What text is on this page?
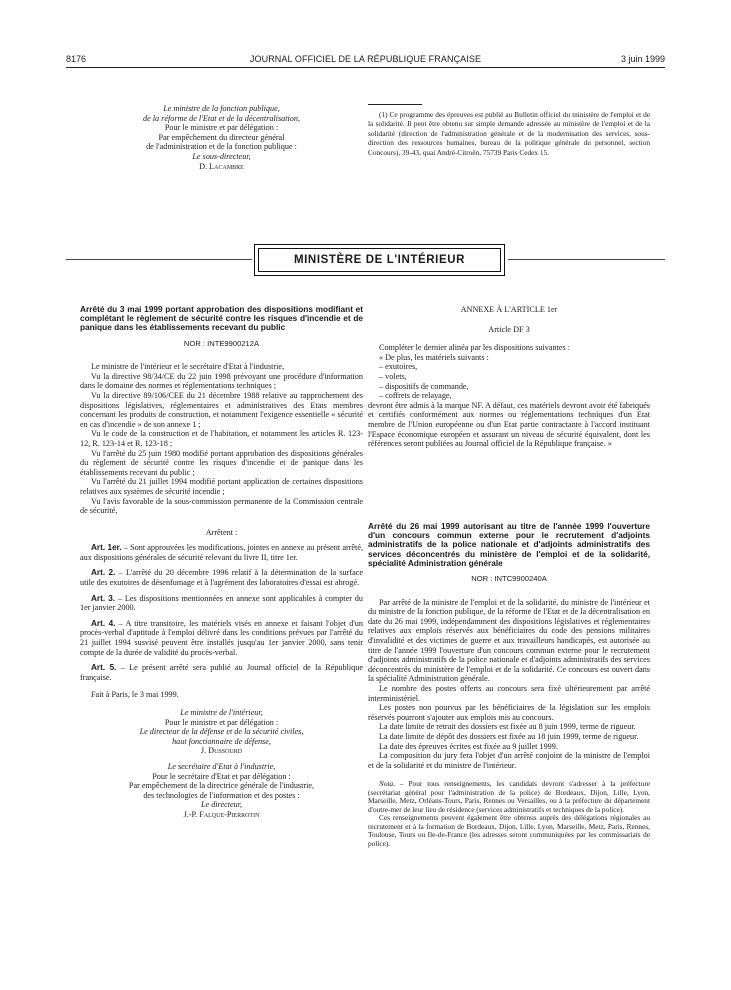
8176	JOURNAL OFFICIEL DE LA RÉPUBLIQUE FRANÇAISE	3 juin 1999

Le ministre de la fonction publique,

de la réforme de l'Etat et de la décentralisation,

Pour le ministre et par délégation :

Par empêchement du directeur général

de l'administration et de la fonction publique :

Le sous-directeur,

D. Lacambre

(1) Ce programme des épreuves est publié au Bulletin officiel du ministère de l'emploi et de la solidarité. Il peut être obtenu sur simple demande adressée au ministère de l'emploi et de la solidarité (direction de l'administration générale et de la modernisation des services, sous-direction des ressources humaines, bureau de la politique générale du personnel, section Concours), 39-43, quai André-Citroën, 75739 Paris Cedex 15.

MINISTÈRE DE L'INTÉRIEUR

Arrêté du 3 mai 1999 portant approbation des dispositions modifiant et complétant le règlement de sécurité contre les risques d'incendie et de panique dans les établissements recevant du public

NOR : INTE9900212A

Le ministre de l'intérieur et le secrétaire d'Etat à l'industrie,

Vu la directive 98/34/CE du 22 juin 1998 prévoyant une procédure d'information dans le domaine des normes et réglementations techniques ;

Vu la directive 89/106/CEE du 21 décembre 1988 relative au rapprochement des dispositions législatives, réglementaires et administratives des Etats membres concernant les produits de construction, et notamment l'exigence essentielle « sécurité en cas d'incendie » de son annexe 1 ;

Vu le code de la construction et de l'habitation, et notamment les articles R. 123-12, R. 123-14 et R. 123-18 ;

Vu l'arrêté du 25 juin 1980 modifié portant approbation des dispositions générales du règlement de sécurité contre les risques d'incendie et de panique dans les établissements recevant du public ;

Vu l'arrêté du 21 juillet 1994 modifié portant application de certaines dispositions relatives aux systèmes de sécurité incendie ;

Vu l'avis favorable de la sous-commission permanente de la Commission centrale de sécurité,

Arrêtent :

Art. 1er. – Sont approuvées les modifications, jointes en annexe au présent arrêté, aux dispositions générales de sécurité relevant du livre II, titre 1er.

Art. 2. – L'arrêté du 20 décembre 1996 relatif à la détermination de la surface utile des exutoires de désenfumage et à l'agrément des laboratoires d'essai est abrogé.

Art. 3. – Les dispositions mentionnées en annexe sont applicables à compter du 1er janvier 2000.

Art. 4. – A titre transitoire, les matériels visés en annexe et faisant l'objet d'un procès-verbal d'aptitude à l'emploi délivré dans les conditions prévues par l'arrêté du 21 juillet 1994 susvisé peuvent être installés jusqu'au 1er janvier 2000, sans tenir compte de la durée de validité du procès-verbal.

Art. 5. – Le présent arrêté sera publié au Journal officiel de la République française.

Fait à Paris, le 3 mai 1999.

Le ministre de l'intérieur,

Pour le ministre et par délégation :

Le directeur de la défense et de la sécurité civiles,

haut fonctionnaire de défense,

J. Dussourd

Le secrétaire d'Etat à l'industrie,

Pour le secrétaire d'Etat et par délégation :

Par empêchement de la directrice générale de l'industrie,

des technologies de l'information et des postes :

Le directeur,

J.-P. Falque-Pierrotin

ANNEXE À L'ARTICLE 1er

Article DF 3

Compléter le dernier alinéa par les dispositions suivantes :

« De plus, les matériels suivants :

– exutoires,

– volets,

– dispositifs de commande,

– coffrets de relayage,

devront être admis à la marque NF. A défaut, ces matériels devront avoir été fabriqués et certifiés conformément aux normes ou réglementations techniques d'un Etat membre de l'Union européenne ou d'un Etat partie contractante à l'accord instituant l'Espace économique européen et assurant un niveau de sécurité équivalent, dont les références seront publiées au Journal officiel de la République française. »

Arrêté du 26 mai 1999 autorisant au titre de l'année 1999 l'ouverture d'un concours commun externe pour le recrutement d'adjoints administratifs de la police nationale et d'adjoints administratifs des services déconcentrés du ministère de l'emploi et de la solidarité, spécialité Administration générale

NOR : INTC9900240A

Par arrêté de la ministre de l'emploi et de la solidarité, du ministre de l'intérieur et du ministre de la fonction publique, de la réforme de l'Etat et de la décentralisation en date du 26 mai 1999, indépendamment des dispositions législatives et réglementaires relatives aux emplois réservés aux bénéficiaires du code des pensions militaires d'invalidité et des victimes de guerre et aux travailleurs handicapés, est autorisée au titre de l'année 1999 l'ouverture d'un concours commun externe pour le recrutement d'adjoints administratifs de la police nationale et d'adjoints administratifs des services déconcentrés du ministère de l'emploi et de la solidarité. Ce concours est ouvert dans la spécialité Administration générale.

Le nombre des postes offerts au concours sera fixé ultérieurement par arrêté interministériel.

Les postes non pourvus par les bénéficiaires de la législation sur les emplois réservés pourront s'ajouter aux emplois mis au concours.

La date limite de retrait des dossiers est fixée au 8 juin 1999, terme de rigueur.

La date limite de dépôt des dossiers est fixée au 18 juin 1999, terme de rigueur.

La date des épreuves écrites est fixée au 9 juillet 1999.

La composition du jury fera l'objet d'un arrêté conjoint de la ministre de l'emploi et de la solidarité et du ministre de l'intérieur.

Nota. – Pour tous renseignements, les candidats devront s'adresser à la préfecture (secrétariat général pour l'administration de la police) de Bordeaux, Dijon, Lille, Lyon, Marseille, Metz, Orléans-Tours, Paris, Rennes ou Versailles, ou à la préfecture du département d'outre-mer de leur lieu de résidence (services administratifs et techniques de la police).

Ces renseignements peuvent également être obtenus auprès des délégations régionales au recrutement et à la formation de Bordeaux, Dijon, Lille, Lyon, Marseille, Metz, Paris, Rennes, Toulouse, Tours ou Ile-de-France (les adresses seront communiquées par les commissariats de police).
